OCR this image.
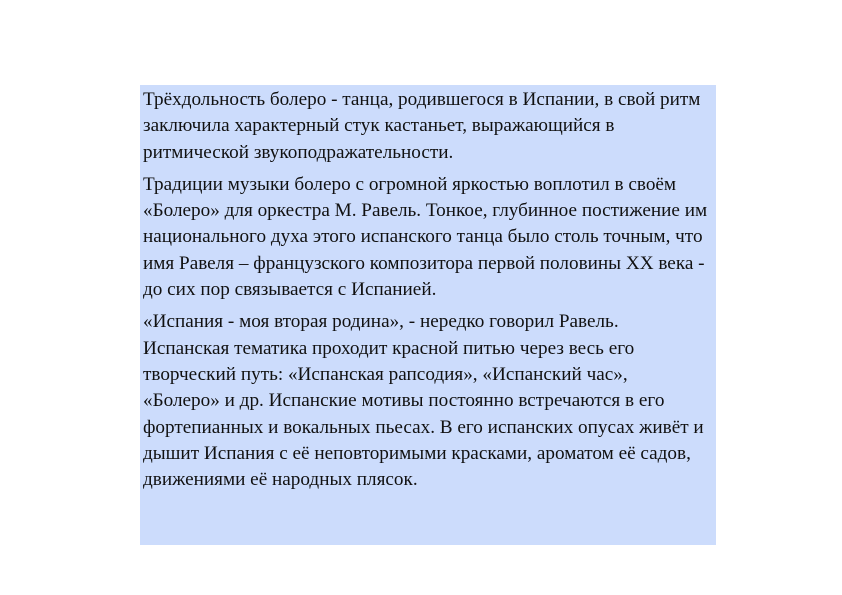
Трёхдольность болеро - танца, родившегося в Испании, в свой ритм заключила характерный стук кастаньет, выражающийся в ритмической звукоподражательности.

Традиции музыки болеро с огромной яркостью воплотил в своём «Болеро» для оркестра М. Равель. Тонкое, глубинное постижение им национального духа этого испанского танца было столь точным, что имя Равеля – французского композитора первой половины XX века - до сих пор связывается с Испанией.

«Испания - моя вторая родина», - нередко говорил Равель. Испанская тематика проходит красной питью через весь его творческий путь: «Испанская рапсодия», «Испанский час», «Болеро» и др. Испанские мотивы постоянно встречаются в его фортепианных и вокальных пьесах. В его испанских опусах живёт и дышит Испания с её неповторимыми красками, ароматом её садов, движениями её народных плясок.
